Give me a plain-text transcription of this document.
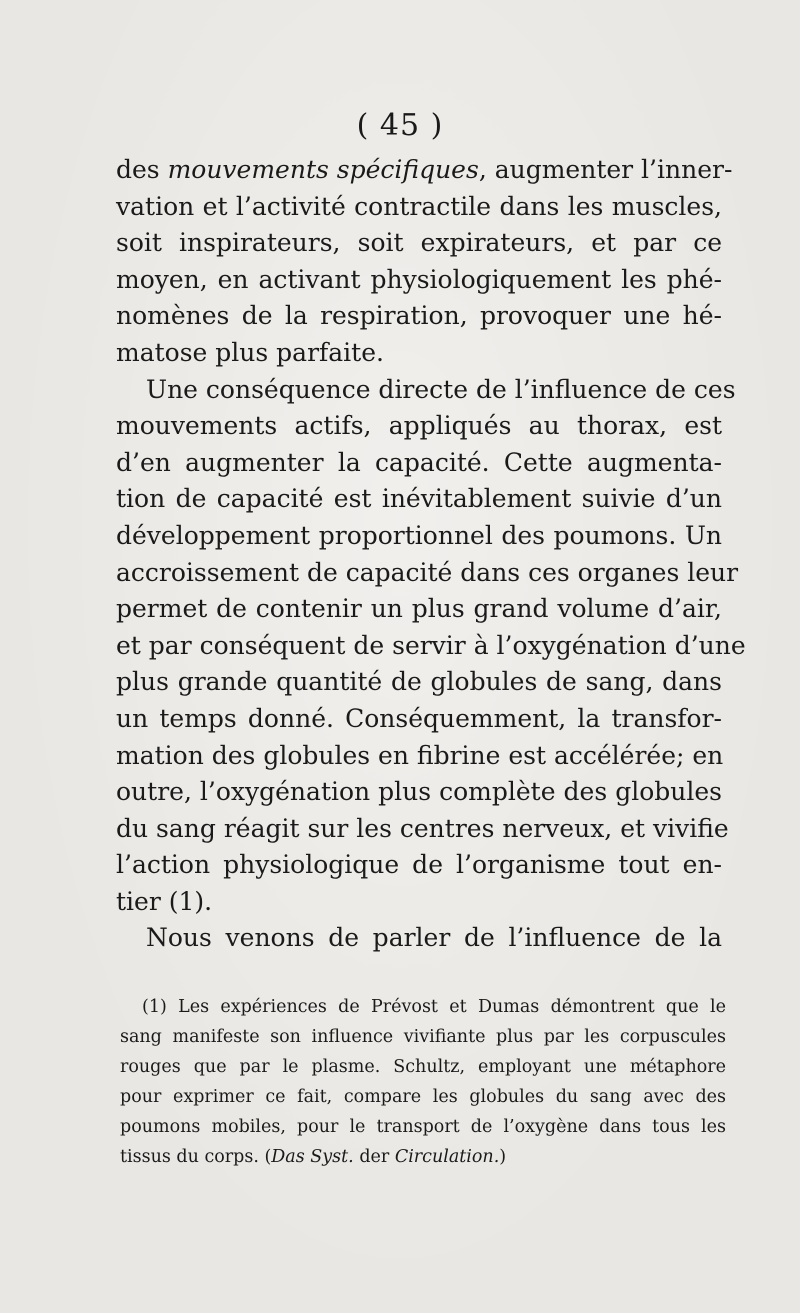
( 45 )
des mouvements spécifiques, augmenter l’inner-
vation et l’activité contractile dans les muscles,
soit inspirateurs, soit expirateurs, et par ce
moyen, en activant physiologiquement les phé-
nomènes de la respiration, provoquer une hé-
matose plus parfaite.
Une conséquence directe de l’influence de ces
mouvements actifs, appliqués au thorax, est
d’en augmenter la capacité. Cette augmenta-
tion de capacité est inévitablement suivie d’un
développement proportionnel des poumons. Un
accroissement de capacité dans ces organes leur
permet de contenir un plus grand volume d’air,
et par conséquent de servir à l’oxygénation d’une
plus grande quantité de globules de sang, dans
un temps donné. Conséquemment, la transfor-
mation des globules en fibrine est accélérée; en
outre, l’oxygénation plus complète des globules
du sang réagit sur les centres nerveux, et vivifie
l’action physiologique de l’organisme tout en-
tier (1).
Nous venons de parler de l’influence de la
(1) Les expériences de Prévost et Dumas démontrent que le
sang manifeste son influence vivifiante plus par les corpuscules
rouges que par le plasme. Schultz, employant une métaphore
pour exprimer ce fait, compare les globules du sang avec des
poumons mobiles, pour le transport de l’oxygène dans tous les
tissus du corps. (Das Syst. der Circulation.)
